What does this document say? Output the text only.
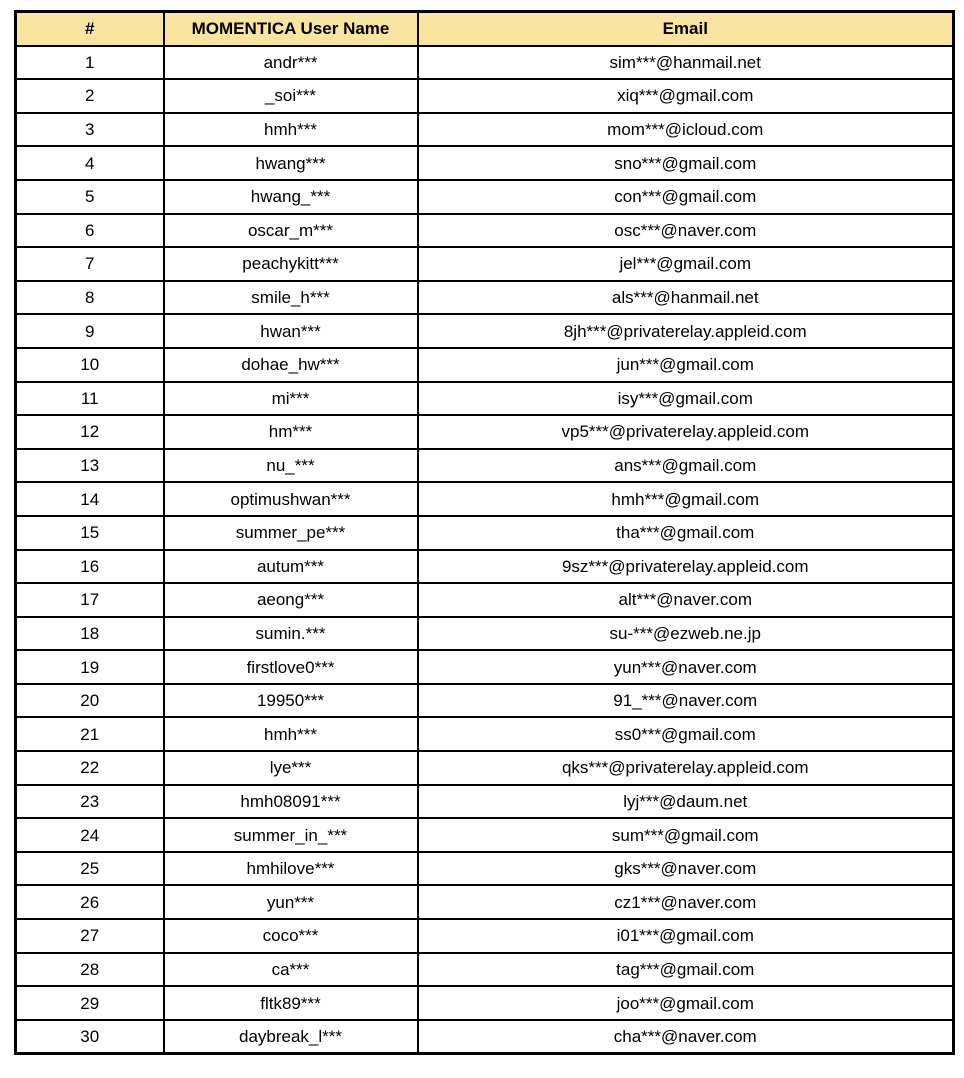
#	MOMENTICA User Name	Email
1	andr***	sim***@hanmail.net
2	_soi***	xiq***@gmail.com
3	hmh***	mom***@icloud.com
4	hwang***	sno***@gmail.com
5	hwang_***	con***@gmail.com
6	oscar_m***	osc***@naver.com
7	peachykitt***	jel***@gmail.com
8	smile_h***	als***@hanmail.net
9	hwan***	8jh***@privaterelay.appleid.com
10	dohae_hw***	jun***@gmail.com
11	mi***	isy***@gmail.com
12	hm***	vp5***@privaterelay.appleid.com
13	nu_***	ans***@gmail.com
14	optimushwan***	hmh***@gmail.com
15	summer_pe***	tha***@gmail.com
16	autum***	9sz***@privaterelay.appleid.com
17	aeong***	alt***@naver.com
18	sumin.***	su-***@ezweb.ne.jp
19	firstlove0***	yun***@naver.com
20	19950***	91_***@naver.com
21	hmh***	ss0***@gmail.com
22	lye***	qks***@privaterelay.appleid.com
23	hmh08091***	lyj***@daum.net
24	summer_in_***	sum***@gmail.com
25	hmhilove***	gks***@naver.com
26	yun***	cz1***@naver.com
27	coco***	i01***@gmail.com
28	ca***	tag***@gmail.com
29	fltk89***	joo***@gmail.com
30	daybreak_l***	cha***@naver.com
